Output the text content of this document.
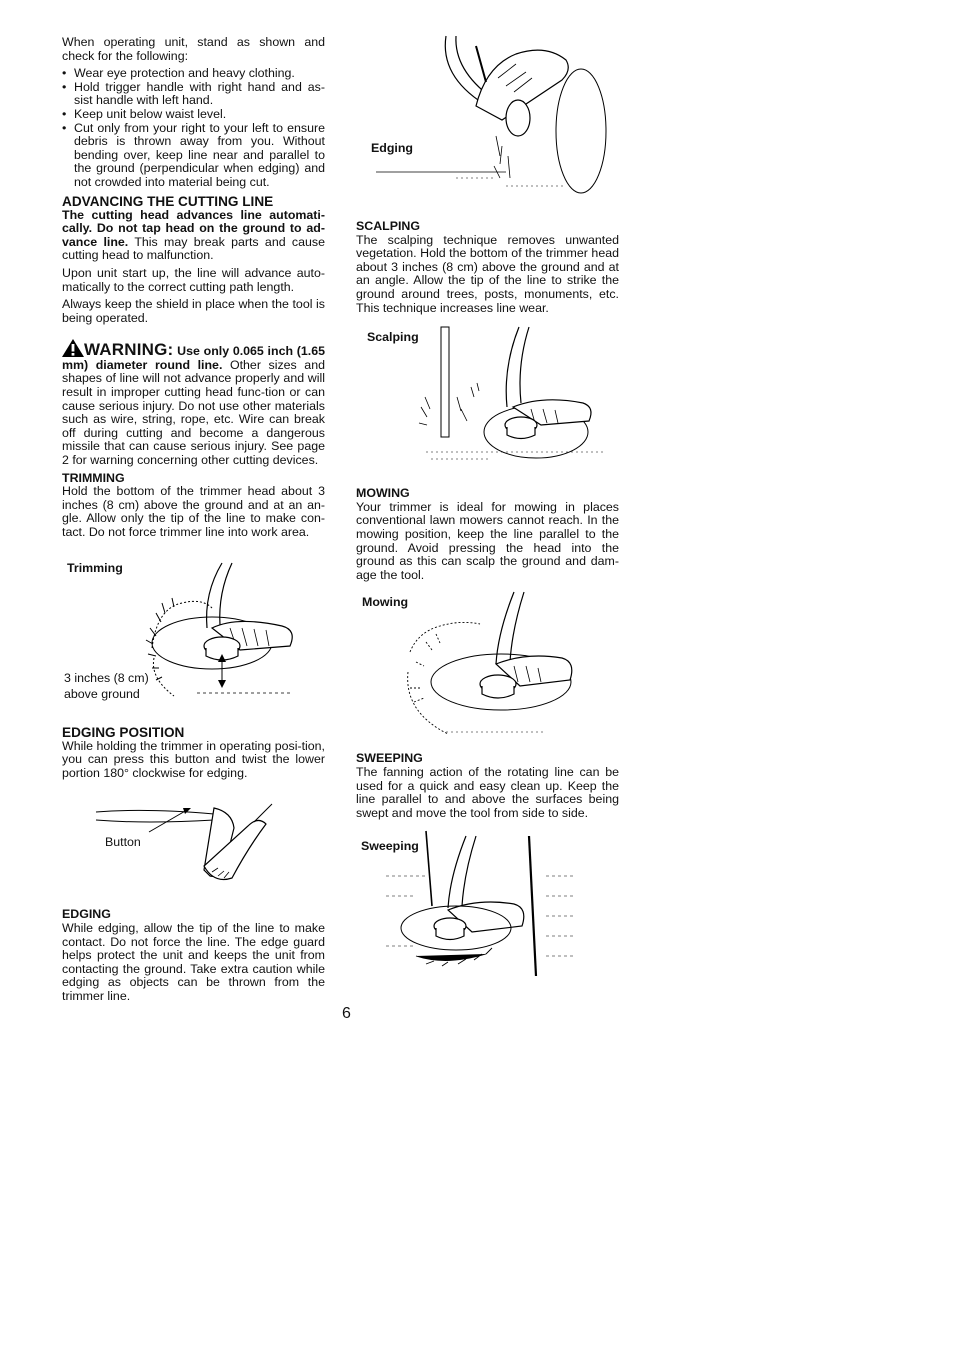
When operating unit, stand as shown and check for the following:

• Wear eye protection and heavy clothing.
• Hold trigger handle with right hand and as-sist handle with left hand.
• Keep unit below waist level.
• Cut only from your right to your left to ensure debris is thrown away from you. Without bending over, keep line near and parallel to the ground (perpendicular when edging) and not crowded into material being cut.
ADVANCING THE CUTTING LINE

The cutting head advances line automati-cally. Do not tap head on the ground to ad-vance line. This may break parts and cause cutting head to malfunction.

Upon unit start up, the line will advance auto-matically to the correct cutting path length.

Always keep the shield in place when the tool is being operated.

WARNING: Use only 0.065 inch (1.65 mm) diameter round line. Other sizes and shapes of line will not advance properly and will result in improper cutting head func-tion or can cause serious injury. Do not use other materials such as wire, string, rope, etc. Wire can break off during cutting and become a dangerous missile that can cause serious injury. See page 2 for warning concerning other cutting devices.

TRIMMING

Hold the bottom of the trimmer head about 3 inches (8 cm) above the ground and at an an-gle. Allow only the tip of the line to make con-tact. Do not force trimmer line into work area.

Trimming
3 inches (8 cm)
above ground
EDGING POSITION

While holding the trimmer in operating posi-tion, you can press this button and twist the lower portion 180° clockwise for edging.

Button
EDGING

While edging, allow the tip of the line to make contact. Do not force the line. The edge guard helps protect the unit and keeps the unit from contacting the ground. Take extra caution while edging as objects can be thrown from the trimmer line.

Edging
SCALPING

The scalping technique removes unwanted vegetation. Hold the bottom of the trimmer head about 3 inches (8 cm) above the ground and at an angle. Allow the tip of the line to strike the ground around trees, posts, monuments, etc. This technique increases line wear.

Scalping
MOWING

Your trimmer is ideal for mowing in places conventional lawn mowers cannot reach. In the mowing position, keep the line parallel to the ground. Avoid pressing the head into the ground as this can scalp the ground and dam-age the tool.

Mowing
SWEEPING

The fanning action of the rotating line can be used for a quick and easy clean up. Keep the line parallel to and above the surfaces being swept and move the tool from side to side.

Sweeping
6
